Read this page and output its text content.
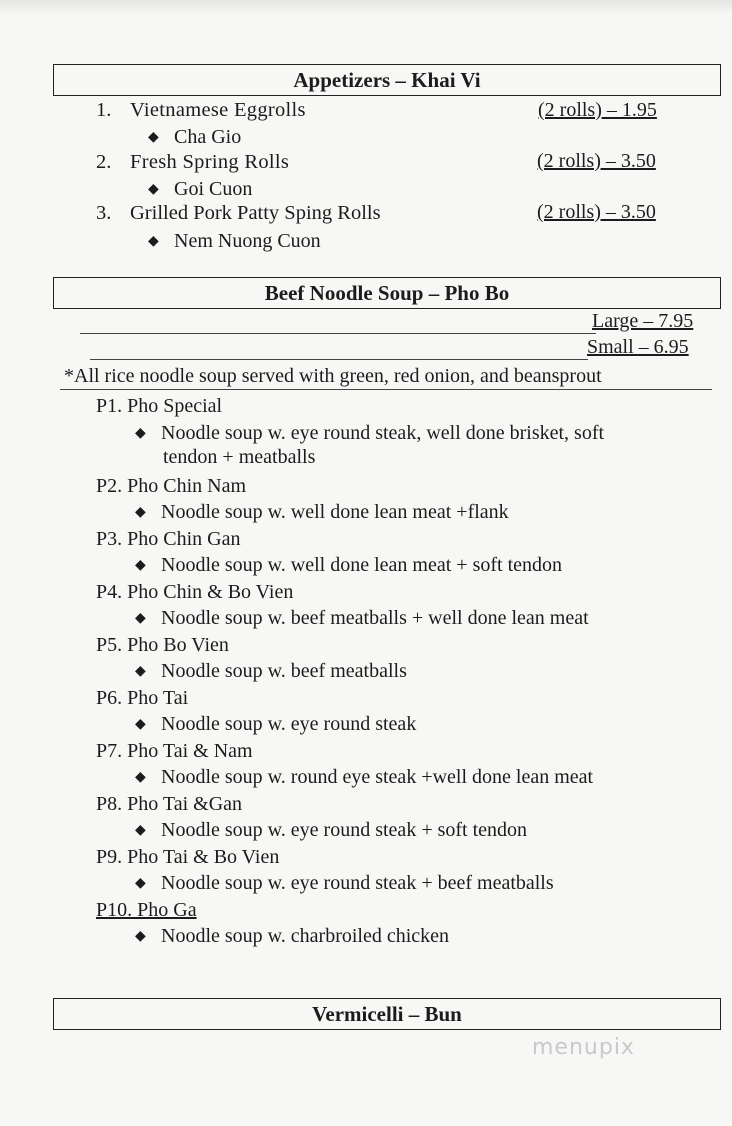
Appetizers – Khai Vi
1. Vietnamese Eggrolls	(2 rolls) – 1.95
◆ Cha Gio
2. Fresh Spring Rolls	(2 rolls) – 3.50
◆ Goi Cuon
3. Grilled Pork Patty Sping Rolls	(2 rolls) – 3.50
◆ Nem Nuong Cuon
Beef Noodle Soup – Pho Bo
Large – 7.95
Small – 6.95
*All rice noodle soup served with green, red onion, and beansprout
P1. Pho Special
◆ Noodle soup w. eye round steak, well done brisket, soft
tendon + meatballs
P2. Pho Chin Nam
◆ Noodle soup w. well done lean meat +flank
P3. Pho Chin Gan
◆ Noodle soup w. well done lean meat + soft tendon
P4. Pho Chin & Bo Vien
◆ Noodle soup w. beef meatballs + well done lean meat
P5. Pho Bo Vien
◆ Noodle soup w. beef meatballs
P6. Pho Tai
◆ Noodle soup w. eye round steak
P7. Pho Tai & Nam
◆ Noodle soup w. round eye steak +well done lean meat
P8. Pho Tai &Gan
◆ Noodle soup w. eye round steak + soft tendon
P9. Pho Tai & Bo Vien
◆ Noodle soup w. eye round steak + beef meatballs
P10. Pho Ga
◆ Noodle soup w. charbroiled chicken
Vermicelli – Bun
menupix
